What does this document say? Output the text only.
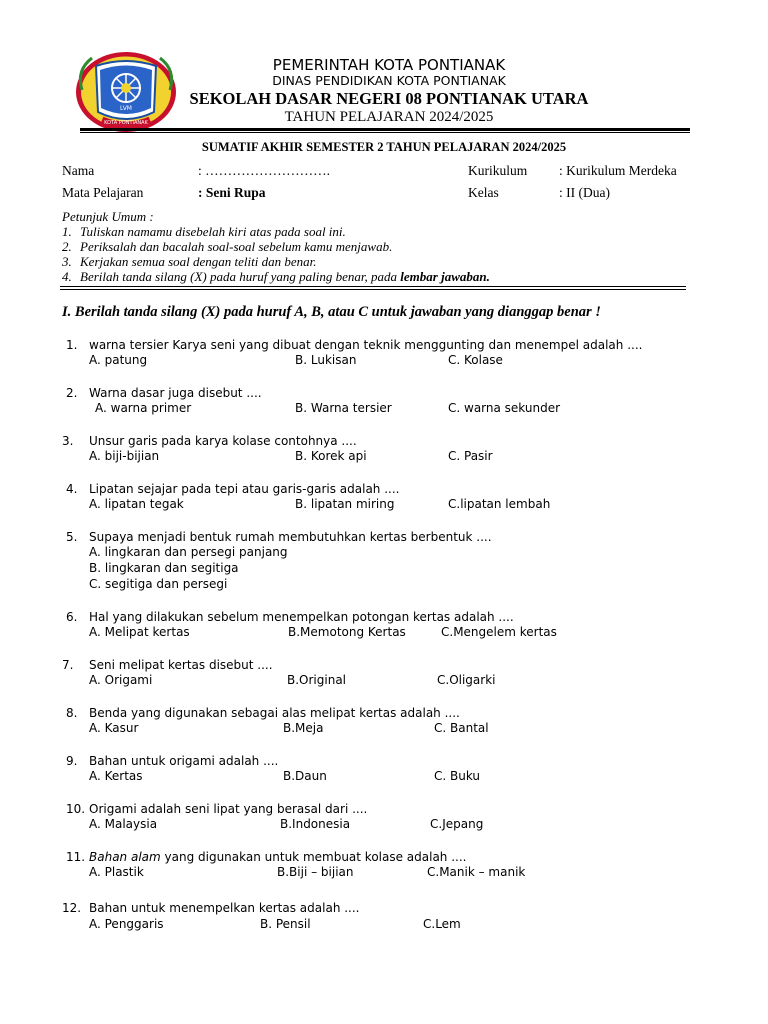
LVM
KOTA PONTIANAK
PEMERINTAH KOTA PONTIANAK
DINAS PENDIDIKAN KOTA PONTIANAK
SEKOLAH DASAR NEGERI 08 PONTIANAK UTARA
TAHUN PELAJARAN 2024/2025
SUMATIF AKHIR SEMESTER 2 TAHUN PELAJARAN 2024/2025
Nama	: ……………………….
Mata Pelajaran	: Seni Rupa
Kurikulum : Kurikulum Merdeka
Kelas	: II (Dua)
Petunjuk Umum :
1. Tuliskan namamu disebelah kiri atas pada soal ini.
2. Periksalah dan bacalah soal-soal sebelum kamu menjawab.
3. Kerjakan semua soal dengan teliti dan benar.
4. Berilah tanda silang (X) pada huruf yang paling benar, pada lembar jawaban.
I. Berilah tanda silang (X) pada huruf A, B, atau C untuk jawaban yang dianggap benar !
1. warna tersier Karya seni yang dibuat dengan teknik menggunting dan menempel adalah ....
A. patung	B. Lukisan	C. Kolase
2. Warna dasar juga disebut ....
A. warna primer	B. Warna tersier	C. warna sekunder
3. Unsur garis pada karya kolase contohnya ....
A. biji-bijian	B. Korek api	C. Pasir
4. Lipatan sejajar pada tepi atau garis-garis adalah ....
A. lipatan tegak	B. lipatan miring	C.lipatan lembah
5. Supaya menjadi bentuk rumah membutuhkan kertas berbentuk ....
A. lingkaran dan persegi panjang
B. lingkaran dan segitiga
C. segitiga dan persegi
6. Hal yang dilakukan sebelum menempelkan potongan kertas adalah ....
A. Melipat kertas	B.Memotong Kertas	C.Mengelem kertas
7. Seni melipat kertas disebut ....
A. Origami	B.Original	C.Oligarki
8. Benda yang digunakan sebagai alas melipat kertas adalah ....
A. Kasur	B.Meja	C. Bantal
9. Bahan untuk origami adalah ....
A. Kertas	B.Daun	C. Buku
10. Origami adalah seni lipat yang berasal dari ....
A. Malaysia	B.Indonesia	C.Jepang
11. Bahan alam yang digunakan untuk membuat kolase adalah ....
A. Plastik	B.Biji – bijian	C.Manik – manik
12. Bahan untuk menempelkan kertas adalah ....
A. Penggaris	B. Pensil	C.Lem
